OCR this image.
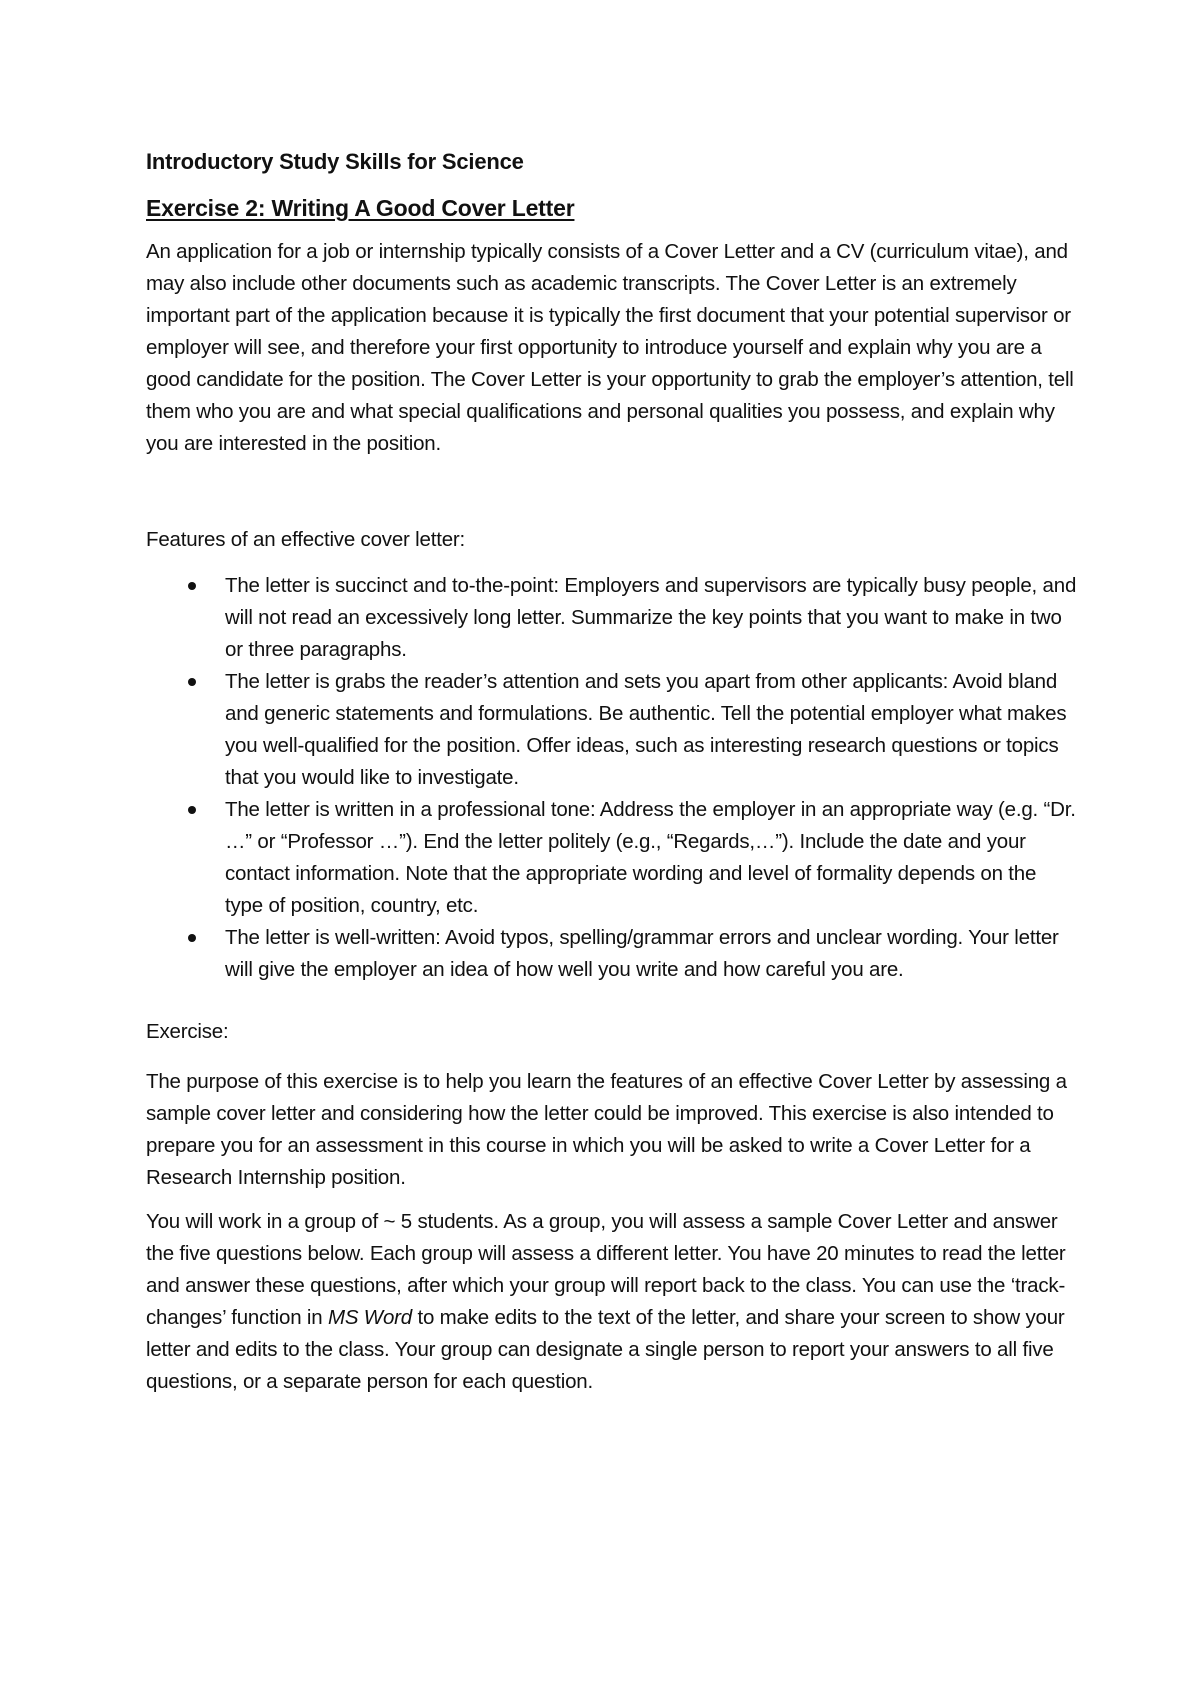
Introductory Study Skills for Science
Exercise 2: Writing A Good Cover Letter

An application for a job or internship typically consists of a Cover Letter and a CV (curriculum vitae), and may also include other documents such as academic transcripts. The Cover Letter is an extremely important part of the application because it is typically the first document that your potential supervisor or employer will see, and therefore your first opportunity to introduce yourself and explain why you are a good candidate for the position. The Cover Letter is your opportunity to grab the employer’s attention, tell them who you are and what special qualifications and personal qualities you possess, and explain why you are interested in the position.

Features of an effective cover letter:

The letter is succinct and to-the-point: Employers and supervisors are typically busy people, and will not read an excessively long letter. Summarize the key points that you want to make in two or three paragraphs.
The letter is grabs the reader’s attention and sets you apart from other applicants: Avoid bland and generic statements and formulations. Be authentic. Tell the potential employer what makes you well-qualified for the position. Offer ideas, such as interesting research questions or topics that you would like to investigate.
The letter is written in a professional tone: Address the employer in an appropriate way (e.g. “Dr. …” or “Professor …”). End the letter politely (e.g., “Regards,…”). Include the date and your contact information. Note that the appropriate wording and level of formality depends on the type of position, country, etc.
The letter is well-written: Avoid typos, spelling/grammar errors and unclear wording. Your letter will give the employer an idea of how well you write and how careful you are.

Exercise:

The purpose of this exercise is to help you learn the features of an effective Cover Letter by assessing a sample cover letter and considering how the letter could be improved. This exercise is also intended to prepare you for an assessment in this course in which you will be asked to write a Cover Letter for a Research Internship position.

You will work in a group of ~ 5 students. As a group, you will assess a sample Cover Letter and answer the five questions below. Each group will assess a different letter. You have 20 minutes to read the letter and answer these questions, after which your group will report back to the class. You can use the ‘track-changes’ function in MS Word to make edits to the text of the letter, and share your screen to show your letter and edits to the class. Your group can designate a single person to report your answers to all five questions, or a separate person for each question.
